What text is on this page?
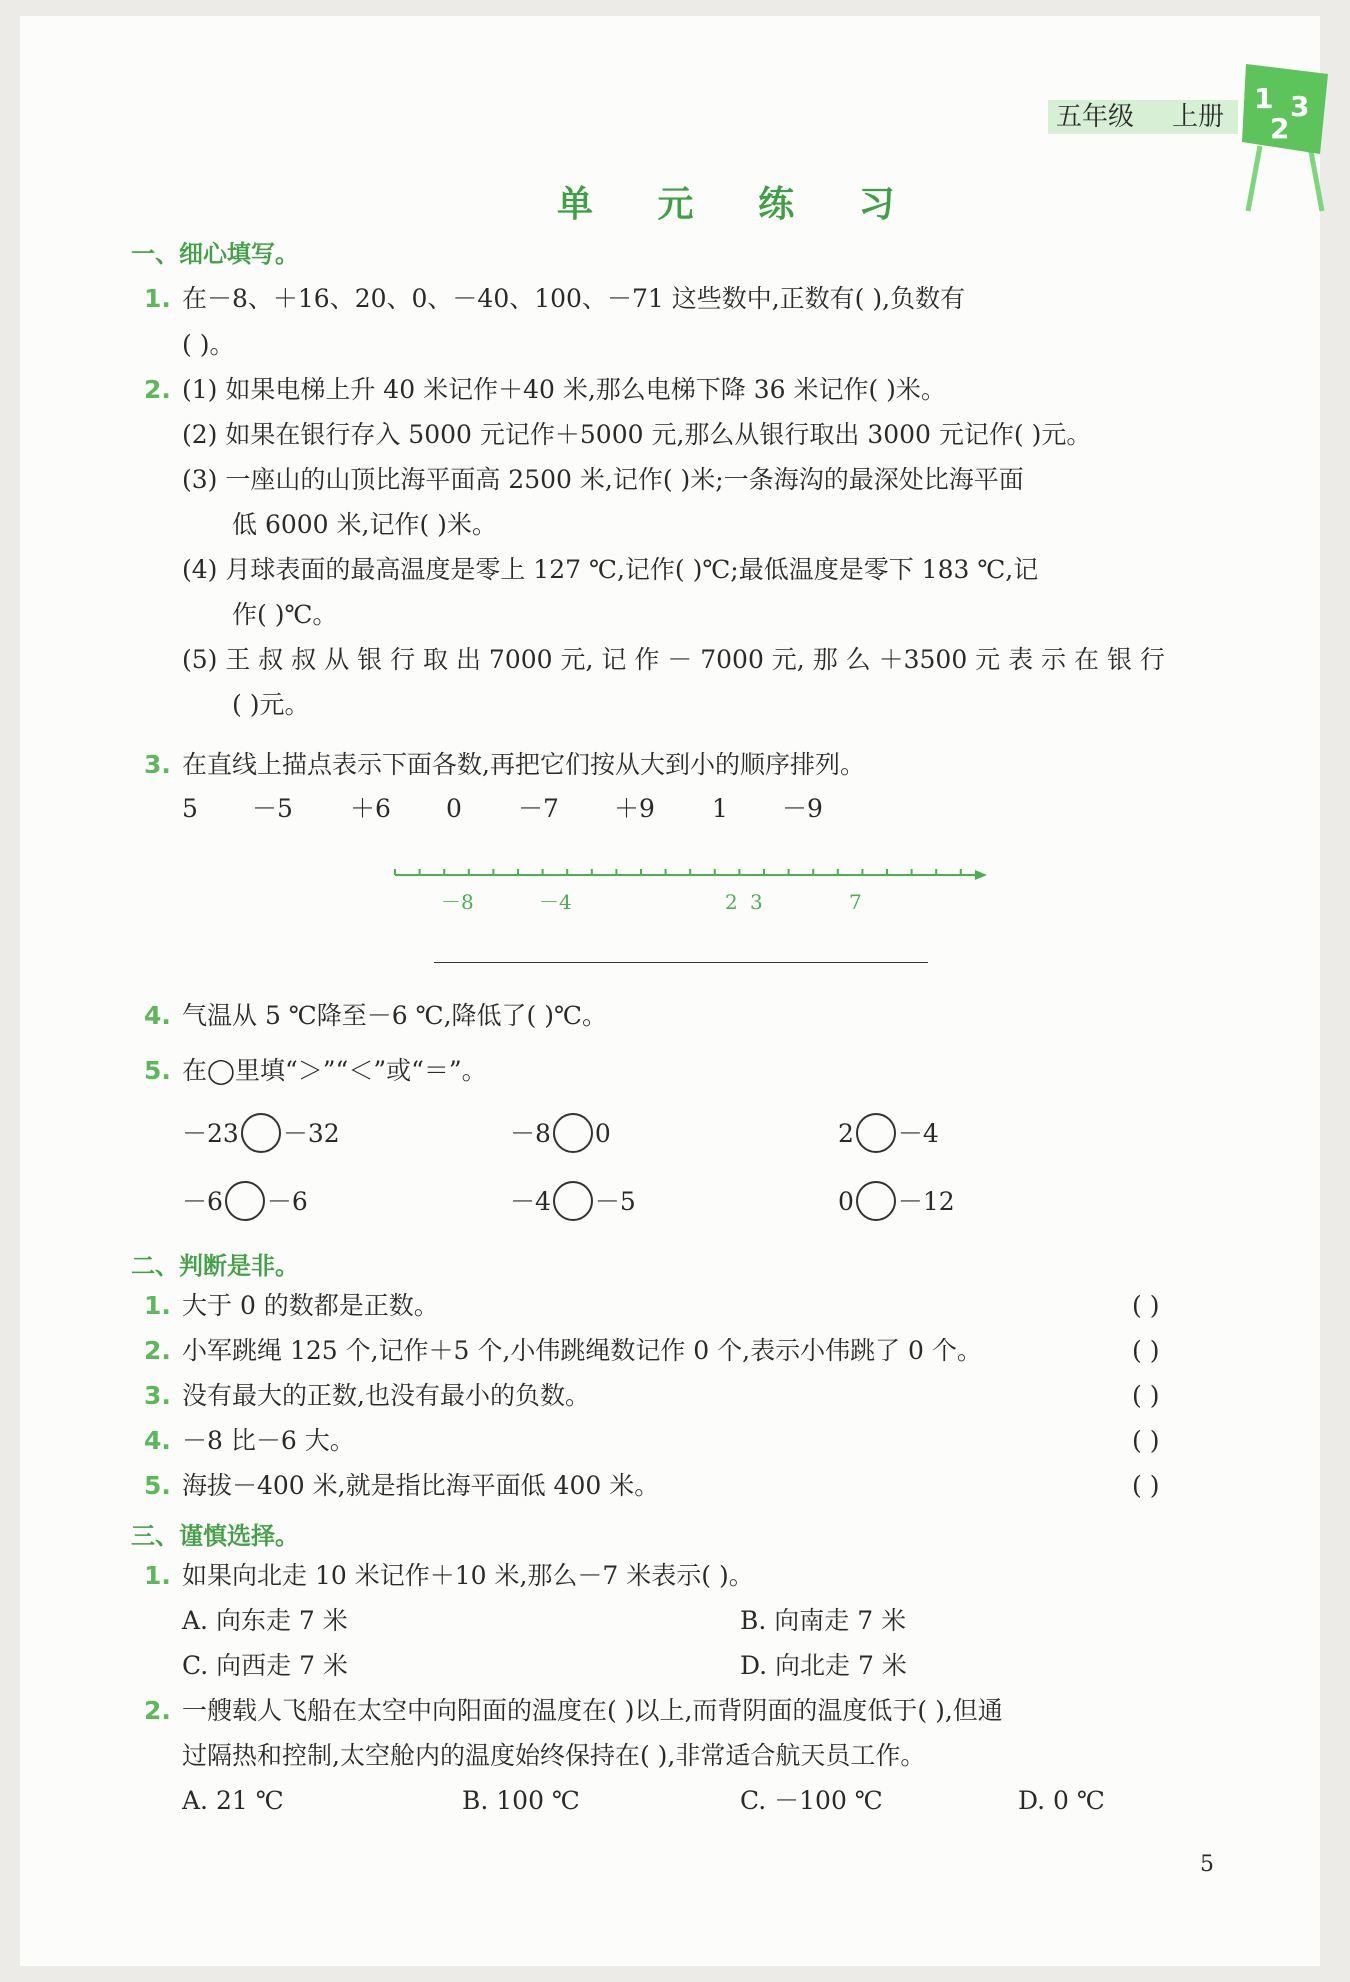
五年级 上册
1 3
2
单 元 练 习
一、细心填写。
1. 在－8、＋16、20、0、－40、100、－71 这些数中,正数有( ),负数有
( )。
2. (1) 如果电梯上升 40 米记作＋40 米,那么电梯下降 36 米记作( )米。
(2) 如果在银行存入 5000 元记作＋5000 元,那么从银行取出 3000 元记作( )元。
(3) 一座山的山顶比海平面高 2500 米,记作( )米;一条海沟的最深处比海平面
低 6000 米,记作( )米。
(4) 月球表面的最高温度是零上 127 ℃,记作( )℃;最低温度是零下 183 ℃,记
作( )℃。
(5) 王 叔 叔 从 银 行 取 出 7000 元, 记 作 － 7000 元, 那 么 ＋3500 元 表 示 在 银 行
( )元。
3. 在直线上描点表示下面各数,再把它们按从大到小的顺序排列。
5 －5 ＋6 0 －7 ＋9 1 －9
－8	－4	2 3	7
4. 气温从 5 ℃降至－6 ℃,降低了( )℃。
5. 在◯里填“＞”“＜”或“＝”。
－23 －32	－8 0	2 －4
－6 －6	－4 －5	0 －12
二、判断是非。
1. 大于 0 的数都是正数。	( )
2. 小军跳绳 125 个,记作＋5 个,小伟跳绳数记作 0 个,表示小伟跳了 0 个。	( )
3. 没有最大的正数,也没有最小的负数。	( )
4. －8 比－6 大。	( )
5. 海拔－400 米,就是指比海平面低 400 米。	( )
三、谨慎选择。
1. 如果向北走 10 米记作＋10 米,那么－7 米表示( )。
A. 向东走 7 米	B. 向南走 7 米
C. 向西走 7 米	D. 向北走 7 米
2. 一艘载人飞船在太空中向阳面的温度在( )以上,而背阴面的温度低于( ),但通
过隔热和控制,太空舱内的温度始终保持在( ),非常适合航天员工作。
A. 21 ℃	B. 100 ℃	C. －100 ℃	D. 0 ℃
5
